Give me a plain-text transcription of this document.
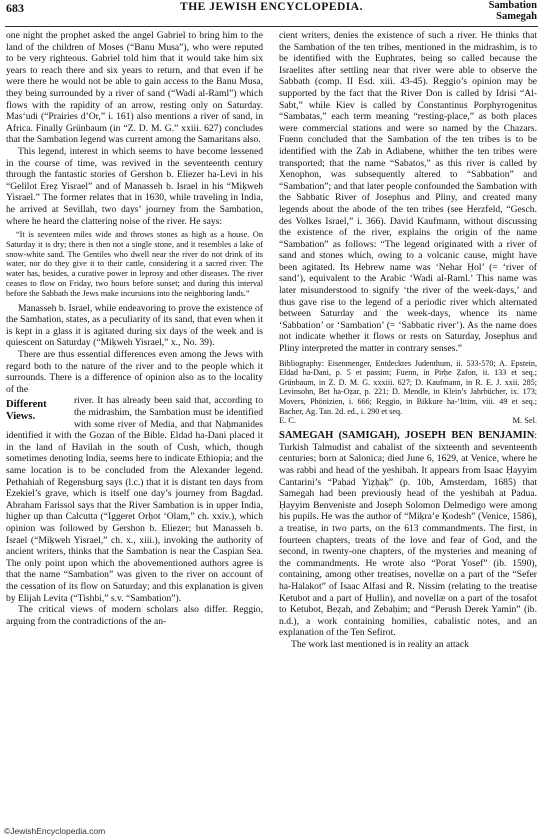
683	THE JEWISH ENCYCLOPEDIA.	Sambation
Samegah

one night the prophet asked the angel Gabriel to bring him to the land of the children of Moses (“Banu Musa”), who were reputed to be very righteous. Gabriel told him that it would take him six years to reach there and six years to return, and that even if he were there he would not be able to gain access to the Banu Musa, they being surrounded by a river of sand (“Wadi al-Raml”) which flows with the rapidity of an arrow, resting only on Saturday. Mas‘udi (“Prairies d’Or,” i. 161) also mentions a river of sand, in Africa. Finally Grünbaum (in “Z. D. M. G.” xxiii. 627) concludes that the Sambation legend was current among the Samaritans also.

This legend, interest in which seems to have become lessened in the course of time, was revived in the seventeenth century through the fantastic stories of Gershon b. Eliezer ha-Levi in his “Gelilot Ereẓ Yisrael” and of Manasseh b. Israel in his “Miḳweh Yisrael.” The former relates that in 1630, while traveling in India, he arrived at Sevillah, two days’ journey from the Sambation, where he heard the clattering noise of the river. He says:

“It is seventeen miles wide and throws stones as high as a house. On Saturday it is dry; there is then not a single stone, and it resembles a lake of snow-white sand. The Gentiles who dwell near the river do not drink of its water, nor do they give it to their cattle, considering it a sacred river. The water has, besides, a curative power in leprosy and other diseases. The river ceases to flow on Friday, two hours before sunset; and during this interval before the Sabbath the Jews make incursions into the neighboring lands.”

Manasseh b. Israel, while endeavoring to prove the existence of the Sambation, states, as a peculiarity of its sand, that even when it is kept in a glass it is agitated during six days of the week and is quiescent on Saturday (“Miḳweh Yisrael,” x., No. 39).

There are thus essential differences even among the Jews with regard both to the nature of the river and to the people which it surrounds. There is a difference of opinion also as to the locality of the

Different Views.

river. It has already been said that, according to the midrashim, the Sambation must be identified with some river of Media, and that Naḥmanides identified it with the Gozan of the Bible. Eldad ha-Dani placed it in the land of Havilah in the south of Cush, which, though sometimes denoting India, seems here to indicate Ethiopia; and the same location is to be concluded from the Alexander legend. Pethahiah of Regensburg says (l.c.) that it is distant ten days from Ezekiel’s grave, which is itself one day’s journey from Bagdad. Abraham Farissol says that the River Sambation is in upper India, higher up than Calcutta (“Iggeret Orḥot ‘Olam,” ch. xxiv.), which opinion was followed by Gershon b. Eliezer; but Manasseh b. Israel (“Miḳweh Yisrael,” ch. x., xiii.), invoking the authority of ancient writers, thinks that the Sambation is near the Caspian Sea. The only point upon which the abovementioned authors agree is that the name “Sambation” was given to the river on account of the cessation of its flow on Saturday; and this explanation is given by Elijah Levita (“Tishbi,” s.v. “Sambation”).

The critical views of modern scholars also differ. Reggio, arguing from the contradictions of the an-

cient writers, denies the existence of such a river. He thinks that the Sambation of the ten tribes, mentioned in the midrashim, is to be identified with the Euphrates, being so called because the Israelites after settling near that river were able to observe the Sabbath (comp. II Esd. xiii. 43-45). Reggio’s opinion may be supported by the fact that the River Don is called by Idrisi “Al-Sabt,” while Kiev is called by Constantinus Porphyrogenitus “Sambatas,” each term meaning “resting-place,” as both places were commercial stations and were so named by the Chazars. Fuenn concluded that the Sambation of the ten tribes is to be identified with the Zab in Adiabene, whither the ten tribes were transported; that the name “Sabatos,” as this river is called by Xenophon, was subsequently altered to “Sabbation” and “Sambation”; and that later people confounded the Sambation with the Sabbatic River of Josephus and Pliny, and created many legends about the abode of the ten tribes (see Herzfeld, “Gesch. des Volkes Israel,” i. 366). David Kaufmann, without discussing the existence of the river, explains the origin of the name “Sambation” as follows: “The legend originated with a river of sand and stones which, owing to a volcanic cause, might have been agitated. Its Hebrew name was ‘Nehar Ḥol’ (= ‘river of sand’), equivalent to the Arabic ‘Wadi al-Raml.’ This name was later misunderstood to signify ‘the river of the week-days,’ and thus gave rise to the legend of a periodic river which alternated between Saturday and the week-days, whence its name ‘Sabbation’ or ‘Sambation’ (= ‘Sabbatic river’). As the name does not indicate whether it flows or rests on Saturday, Josephus and Pliny interpreted the matter in contrary senses.”

Bibliography: Eisenmenger, Entdecktes Judenthum, ii. 533-570; A. Epstein, Eldad ha-Dani, p. 5 et passim; Fuenn, in Pirḥe Ẓafon, ii. 133 et seq.; Grünbaum, in Z. D. M. G. xxxiii. 627; D. Kaufmann, in R. E. J. xxii. 285; Levinsohn, Bet ha-Oẓar, p. 221; D. Mendle, in Klein’s Jahrbücher, ix. 173; Movers, Phönizien, i. 666; Reggio, in Bikkure ha-‘Ittim, viii. 49 et seq.; Bacher, Ag. Tan. 2d. ed., i. 290 et seq.

E. C.	M. Sel.

SAMEGAH (SAMIGAH), JOSEPH BEN BENJAMIN: Turkish Talmudist and cabalist of the sixteenth and seventeenth centuries; born at Salonica; died June 6, 1629, at Venice, where he was rabbi and head of the yeshibah. It appears from Isaac Ḥayyim Cantarini’s “Paḥad Yiẓḥaḳ” (p. 10b, Amsterdam, 1685) that Samegah had been previously head of the yeshibah at Padua. Ḥayyim Benveniste and Joseph Solomon Delmedigo were among his pupils. He was the author of “Miḳra’e Ḳodesh” (Venice, 1586), a treatise, in two parts, on the 613 commandments. The first, in fourteen chapters, treats of the love and fear of God, and the second, in twenty-one chapters, of the mysteries and meaning of the commandments. He wrote also “Porat Yosef” (ib. 1590), containing, among other treatises, novellæ on a part of the “Sefer ha-Halakot” of Isaac Alfasi and R. Nissim (relating to the treatise Ketubot and a part of Ḥullin), and novellæ on a part of the tosafot to Ketubot, Beẓah, and Zebaḥim; and “Perush Derek Yamin” (ib. n.d.), a work containing homilies, cabalistic notes, and an explanation of the Ten Sefirot.

The work last mentioned is in reality an attack

©JewishEncyclopedia.com
